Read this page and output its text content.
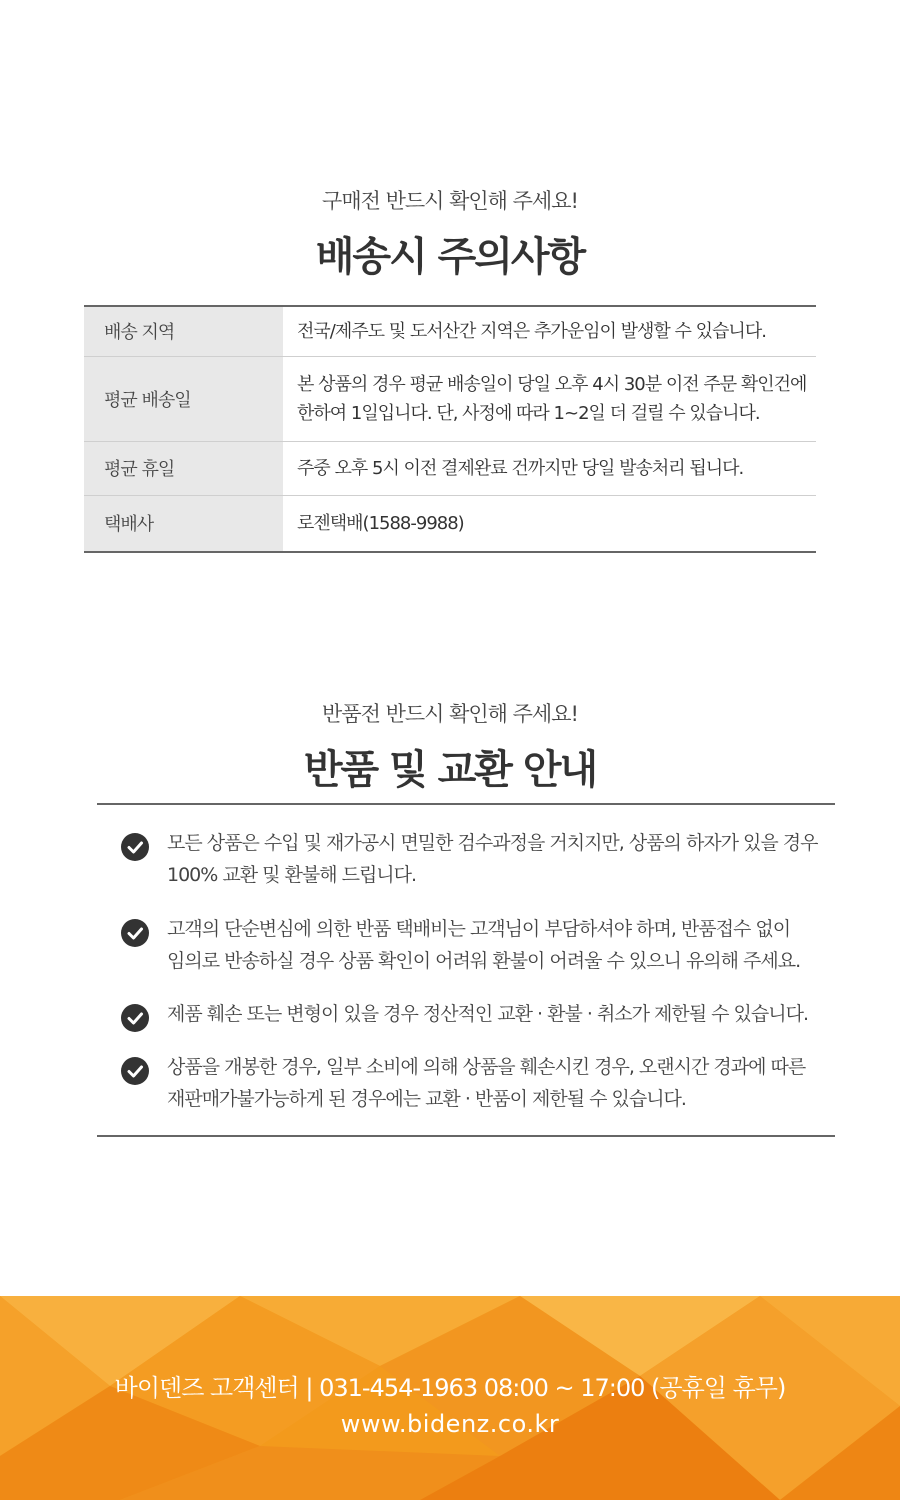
구매전 반드시 확인해 주세요!
배송시 주의사항
배송 지역	전국/제주도 및 도서산간 지역은 추가운임이 발생할 수 있습니다.
평균 배송일	본 상품의 경우 평균 배송일이 당일 오후 4시 30분 이전 주문 확인건에
한하여 1일입니다. 단, 사정에 따라 1~2일 더 걸릴 수 있습니다.

평균 휴일	주중 오후 5시 이전 결제완료 건까지만 당일 발송처리 됩니다.
택배사	로젠택배(1588-9988)
반품전 반드시 확인해 주세요!
반품 및 교환 안내
모든 상품은 수입 및 재가공시 면밀한 검수과정을 거치지만, 상품의 하자가 있을 경우
100% 교환 및 환불해 드립니다.
고객의 단순변심에 의한 반품 택배비는 고객님이 부담하셔야 하며, 반품접수 없이
임의로 반송하실 경우 상품 확인이 어려워 환불이 어려울 수 있으니 유의해 주세요.
제품 훼손 또는 변형이 있을 경우 정산적인 교환 · 환불 · 취소가 제한될 수 있습니다.
상품을 개봉한 경우, 일부 소비에 의해 상품을 훼손시킨 경우, 오랜시간 경과에 따른
재판매가불가능하게 된 경우에는 교환 · 반품이 제한될 수 있습니다.
바이덴즈 고객센터 | 031-454-1963 08:00 ~ 17:00 (공휴일 휴무)
www.bidenz.co.kr
